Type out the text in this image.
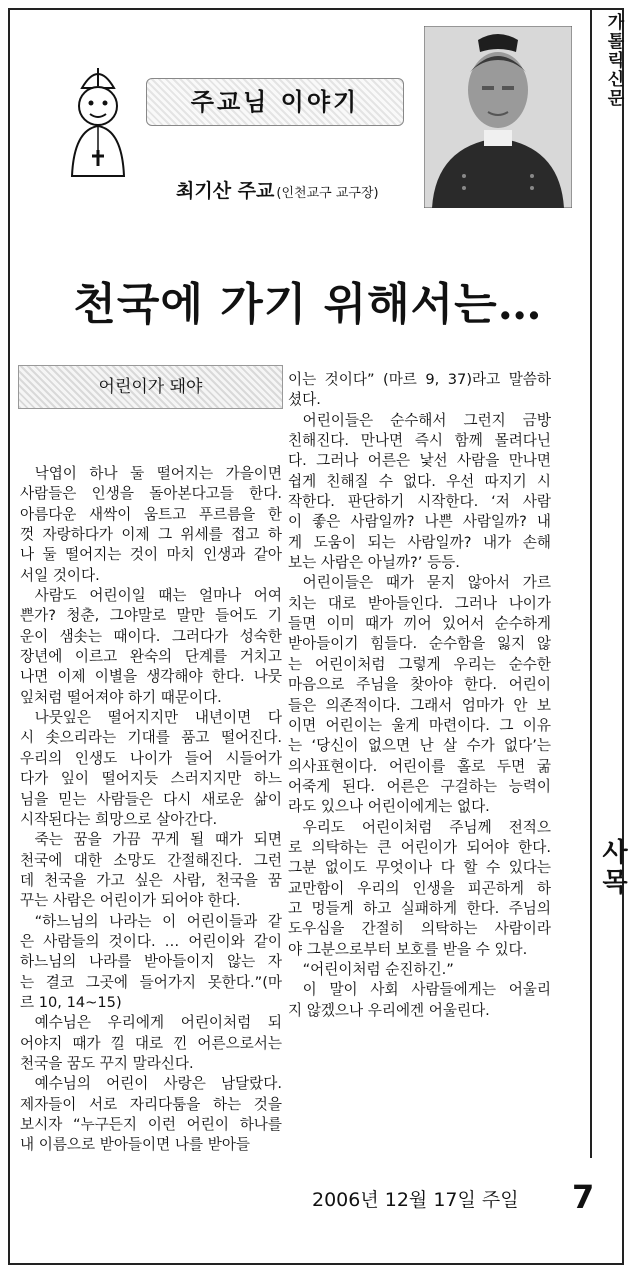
가
톨
릭
신
문
사
목
주교님 이야기
최기산 주교 (인천교구 교구장)
천국에 가기 위해서는…
어린이가 돼야
낙엽이 하나 둘 떨어지는 가을이면
사람들은 인생을 돌아본다고들 한다.
아름다운 새싹이 움트고 푸르름을 한
껏 자랑하다가 이제 그 위세를 접고 하
나 둘 떨어지는 것이 마치 인생과 같아
서일 것이다.
사람도 어린이일 때는 얼마나 어여
쁜가? 청춘, 그야말로 말만 들어도 기
운이 샘솟는 때이다. 그러다가 성숙한
장년에 이르고 완숙의 단계를 거치고
나면 이제 이별을 생각해야 한다. 나뭇
잎처럼 떨어져야 하기 때문이다.
나뭇잎은 떨어지지만 내년이면 다
시 솟으리라는 기대를 품고 떨어진다.
우리의 인생도 나이가 들어 시들어가
다가 잎이 떨어지듯 스러지지만 하느
님을 믿는 사람들은 다시 새로운 삶이
시작된다는 희망으로 살아간다.
죽는 꿈을 가끔 꾸게 될 때가 되면
천국에 대한 소망도 간절해진다. 그런
데 천국을 가고 싶은 사람, 천국을 꿈
꾸는 사람은 어린이가 되어야 한다.
“하느님의 나라는 이 어린이들과 같
은 사람들의 것이다. … 어린이와 같이
하느님의 나라를 받아들이지 않는 자
는 결코 그곳에 들어가지 못한다.”(마
르 10, 14~15)
예수님은 우리에게 어린이처럼 되
어야지 때가 낄 대로 낀 어른으로서는
천국을 꿈도 꾸지 말라신다.
예수님의 어린이 사랑은 남달랐다.
제자들이 서로 자리다툼을 하는 것을
보시자 “누구든지 이런 어린이 하나를
내 이름으로 받아들이면 나를 받아들
이는 것이다” (마르 9, 37)라고 말씀하
셨다.
어린이들은 순수해서 그런지 금방
친해진다. 만나면 즉시 함께 몰려다닌
다. 그러나 어른은 낯선 사람을 만나면
쉽게 친해질 수 없다. 우선 따지기 시
작한다. 판단하기 시작한다. ‘저 사람
이 좋은 사람일까? 나쁜 사람일까? 내
게 도움이 되는 사람일까? 내가 손해
보는 사람은 아닐까?’ 등등.
어린이들은 때가 묻지 않아서 가르
치는 대로 받아들인다. 그러나 나이가
들면 이미 때가 끼어 있어서 순수하게
받아들이기 힘들다. 순수함을 잃지 않
는 어린이처럼 그렇게 우리는 순수한
마음으로 주님을 찾아야 한다. 어린이
들은 의존적이다. 그래서 엄마가 안 보
이면 어린이는 울게 마련이다. 그 이유
는 ‘당신이 없으면 난 살 수가 없다’는
의사표현이다. 어린이를 홀로 두면 굶
어죽게 된다. 어른은 구걸하는 능력이
라도 있으나 어린이에게는 없다.
우리도 어린이처럼 주님께 전적으
로 의탁하는 큰 어린이가 되어야 한다.
그분 없이도 무엇이나 다 할 수 있다는
교만함이 우리의 인생을 피곤하게 하
고 멍들게 하고 실패하게 한다. 주님의
도우심을 간절히 의탁하는 사람이라
야 그분으로부터 보호를 받을 수 있다.
“어린이처럼 순진하긴.”
이 말이 사회 사람들에게는 어울리
지 않겠으나 우리에겐 어울린다.
2006년 12월 17일 주일 7
